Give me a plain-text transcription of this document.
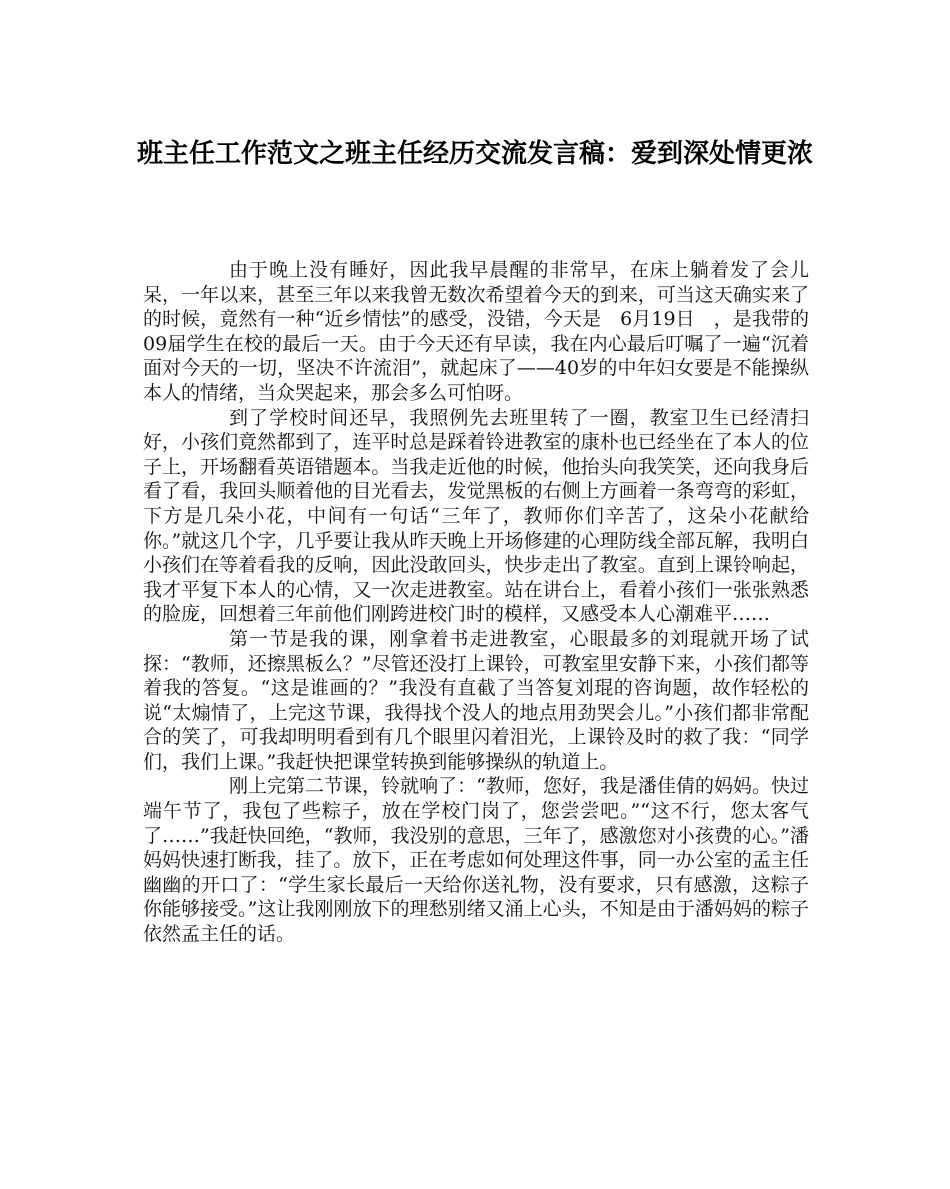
班主任工作范文之班主任经历交流发言稿：爱到深处情更浓

由于晚上没有睡好，因此我早晨醒的非常早，在床上躺着发了会儿呆，一年以来，甚至三年以来我曾无数次希望着今天的到来，可当这天确实来了的时候，竟然有一种“近乡情怯”的感受，没错，今天是　6月19日　，是我带的09届学生在校的最后一天。由于今天还有早读，我在内心最后叮嘱了一遍“沉着面对今天的一切，坚决不许流泪”，就起床了——40岁的中年妇女要是不能操纵本人的情绪，当众哭起来，那会多么可怕呀。

到了学校时间还早，我照例先去班里转了一圈，教室卫生已经清扫好，小孩们竟然都到了，连平时总是踩着铃进教室的康朴也已经坐在了本人的位子上，开场翻看英语错题本。当我走近他的时候，他抬头向我笑笑，还向我身后看了看，我回头顺着他的目光看去，发觉黑板的右侧上方画着一条弯弯的彩虹，下方是几朵小花，中间有一句话“三年了，教师你们辛苦了，这朵小花献给你。”就这几个字，几乎要让我从昨天晚上开场修建的心理防线全部瓦解，我明白小孩们在等着看我的反响，因此没敢回头，快步走出了教室。直到上课铃响起，我才平复下本人的心情，又一次走进教室。站在讲台上，看着小孩们一张张熟悉的脸庞，回想着三年前他们刚跨进校门时的模样，又感受本人心潮难平……

第一节是我的课，刚拿着书走进教室，心眼最多的刘琨就开场了试探：“教师，还擦黑板么？”尽管还没打上课铃，可教室里安静下来，小孩们都等着我的答复。“这是谁画的？”我没有直截了当答复刘琨的咨询题，故作轻松的说“太煽情了，上完这节课，我得找个没人的地点用劲哭会儿。”小孩们都非常配合的笑了，可我却明明看到有几个眼里闪着泪光，上课铃及时的救了我：“同学们，我们上课。”我赶快把课堂转换到能够操纵的轨道上。

刚上完第二节课，铃就响了：“教师，您好，我是潘佳倩的妈妈。快过端午节了，我包了些粽子，放在学校门岗了，您尝尝吧。”“这不行，您太客气了……”我赶快回绝，“教师，我没别的意思，三年了，感激您对小孩费的心。”潘妈妈快速打断我，挂了。放下，正在考虑如何处理这件事，同一办公室的孟主任幽幽的开口了：“学生家长最后一天给你送礼物，没有要求，只有感激，这粽子你能够接受。”这让我刚刚放下的理愁别绪又涌上心头，不知是由于潘妈妈的粽子依然孟主任的话。
